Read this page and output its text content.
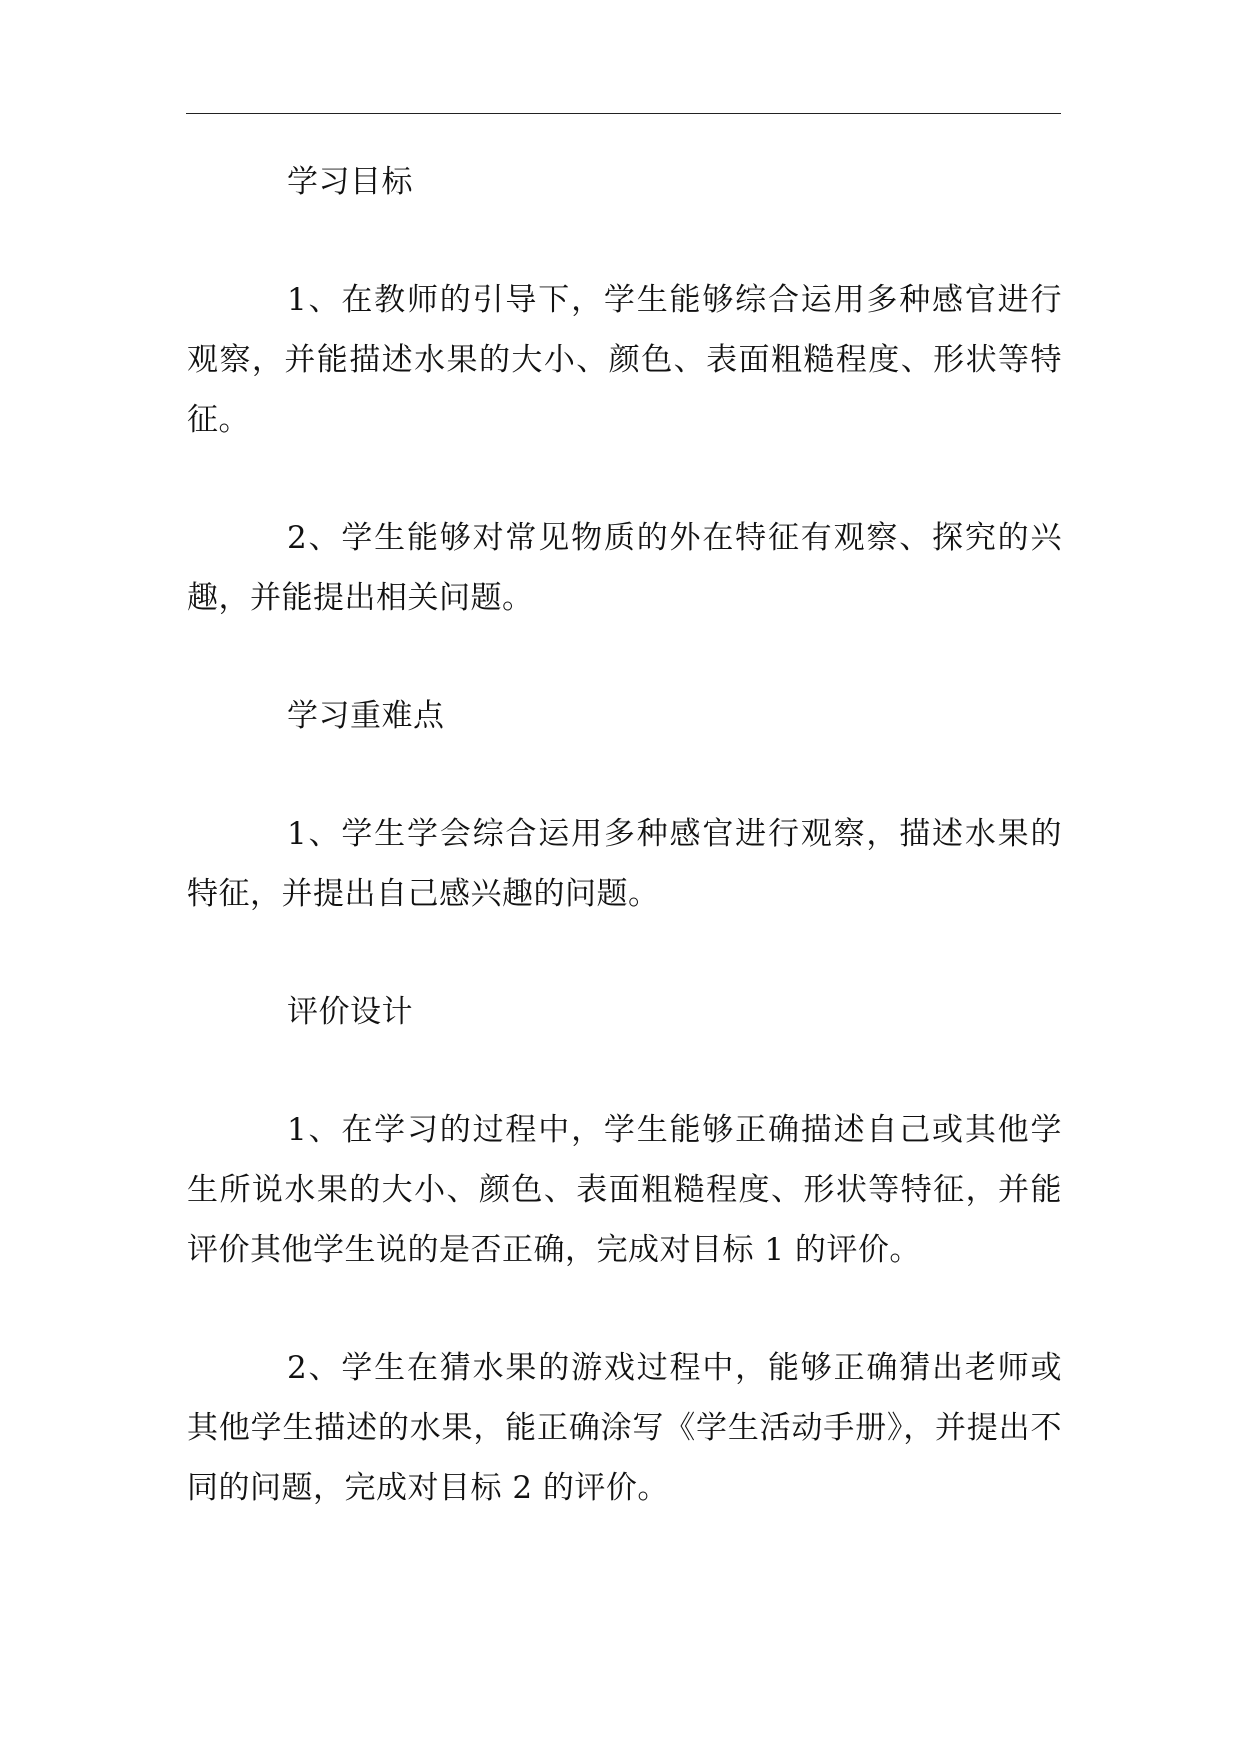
学习目标

1、在教师的引导下，学生能够综合运用多种感官进行观察，并能描述水果的大小、颜色、表面粗糙程度、形状等特征。

2、学生能够对常见物质的外在特征有观察、探究的兴趣，并能提出相关问题。

学习重难点

1、学生学会综合运用多种感官进行观察，描述水果的特征，并提出自己感兴趣的问题。

评价设计

1、在学习的过程中，学生能够正确描述自己或其他学生所说水果的大小、颜色、表面粗糙程度、形状等特征，并能评价其他学生说的是否正确，完成对目标 1 的评价。

2、学生在猜水果的游戏过程中，能够正确猜出老师或其他学生描述的水果，能正确涂写《学生活动手册》，并提出不同的问题，完成对目标 2 的评价。
